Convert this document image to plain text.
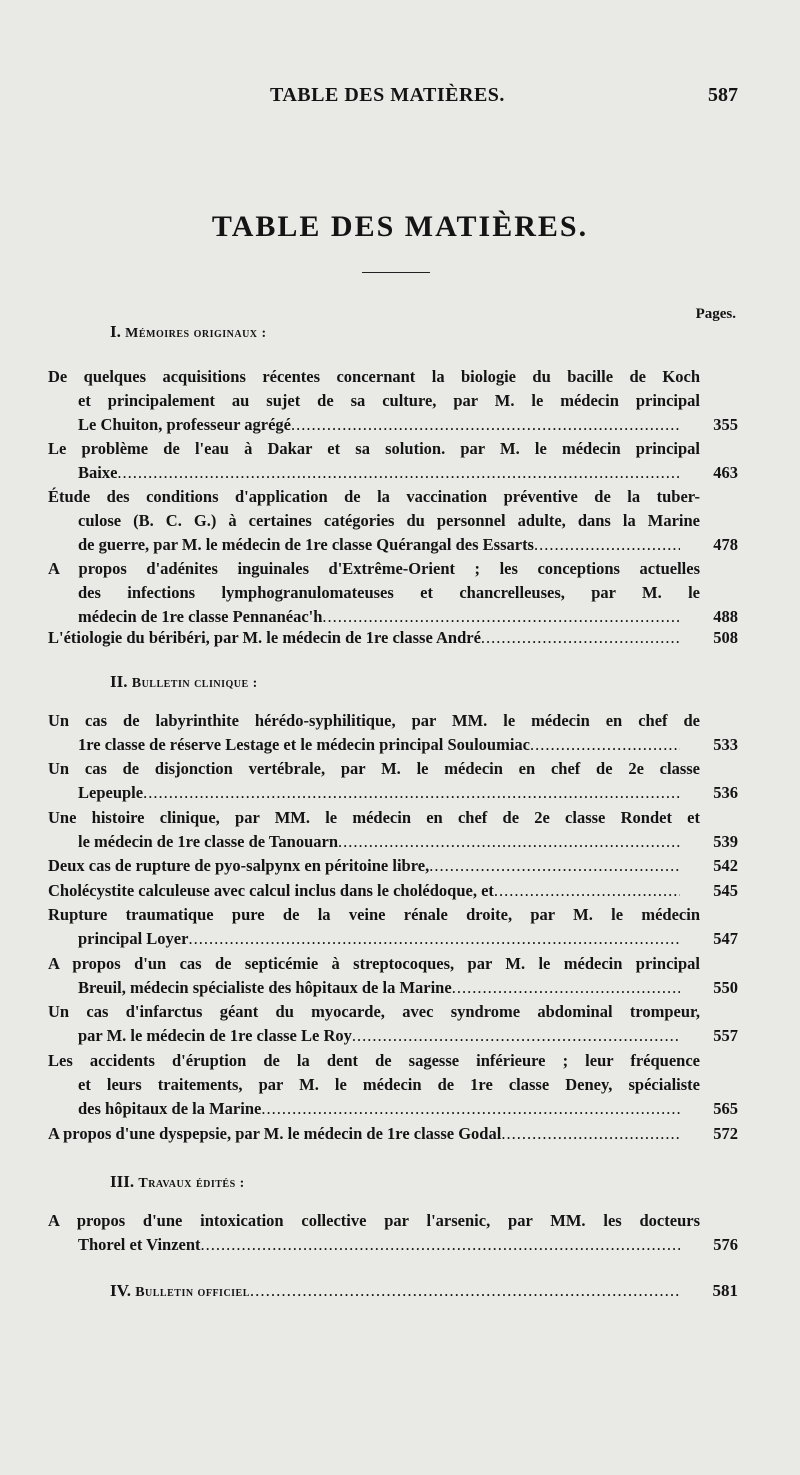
TABLE DES MATIÈRES.	587
TABLE DES MATIÈRES.
Pages.
I. Mémoires originaux :
De quelques acquisitions récentes concernant la biologie du bacille de Koch
et principalement au sujet de sa culture, par M. le médecin principal
Le Chuiton, professeur agrégé .....	355
Le problème de l'eau à Dakar et sa solution. par M. le médecin principal
Baixe .....	463
Étude des conditions d'application de la vaccination préventive de la tuber-
culose (B. C. G.) à certaines catégories du personnel adulte, dans la Marine
de guerre, par M. le médecin de 1re classe Quérangal des Essarts .....	478
A propos d'adénites inguinales d'Extrême-Orient ; les conceptions actuelles
des infections lymphogranulomateuses et chancrelleuses, par M. le
médecin de 1re classe Pennanéac'h .....	488
L'étiologie du béribéri, par M. le médecin de 1re classe André .....	508
II. Bulletin clinique :
Un cas de labyrinthite hérédo-syphilitique, par MM. le médecin en chef de
1re classe de réserve Lestage et le médecin principal Souloumiac .....	533
Un cas de disjonction vertébrale, par M. le médecin en chef de 2e classe
Lepeuple .....	536
Une histoire clinique, par MM. le médecin en chef de 2e classe Rondet et
le médecin de 1re classe de Tanouarn .....	539
Deux cas de rupture de pyo-salpynx en péritoine libre, .....	542
Cholécystite calculeuse avec calcul inclus dans le cholédoque, et .....	545
Rupture traumatique pure de la veine rénale droite, par M. le médecin
principal Loyer .....	547
A propos d'un cas de septicémie à streptocoques, par M. le médecin principal
Breuil, médecin spécialiste des hôpitaux de la Marine .....	550
Un cas d'infarctus géant du myocarde, avec syndrome abdominal trompeur,
par M. le médecin de 1re classe Le Roy .....	557
Les accidents d'éruption de la dent de sagesse inférieure ; leur fréquence
et leurs traitements, par M. le médecin de 1re classe Deney, spécialiste
des hôpitaux de la Marine .....	565
A propos d'une dyspepsie, par M. le médecin de 1re classe Godal .....	572
III. Travaux édités :
A propos d'une intoxication collective par l'arsenic, par MM. les docteurs
Thorel et Vinzent .....	576
IV. Bulletin officiel .....	581
